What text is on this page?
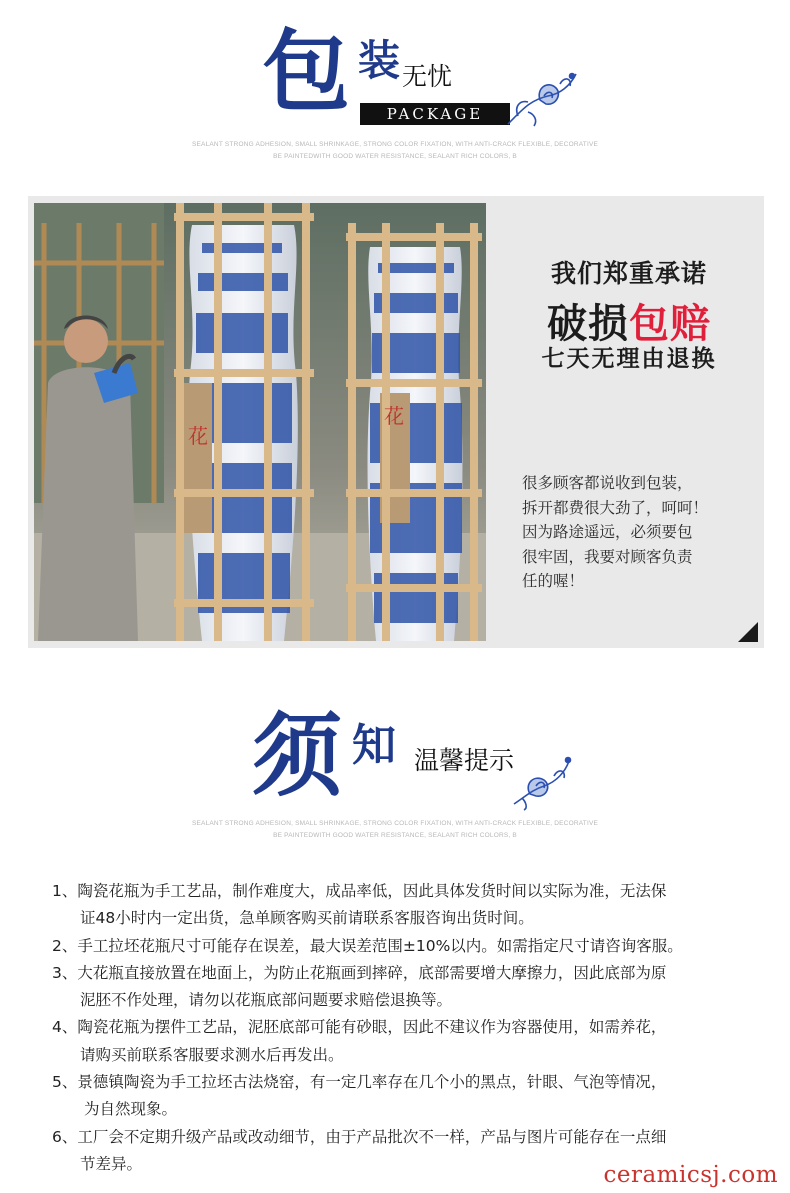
包 装 无忧
PACKAGE
SEALANT STRONG ADHESION, SMALL SHRINKAGE, STRONG COLOR FIXATION, WITH ANTI-CRACK FLEXIBLE, DECORATIVE
BE PAINTEDWITH GOOD WATER RESISTANCE, SEALANT RICH COLORS, B
花
花
我们郑重承诺
破损包赔
七天无理由退换
很多顾客都说收到包装，
拆开都费很大劲了，呵呵！
因为路途遥远，必须要包
很牢固，我要对顾客负责
任的喔！
须 知 温馨提示
SEALANT STRONG ADHESION, SMALL SHRINKAGE, STRONG COLOR FIXATION, WITH ANTI-CRACK FLEXIBLE, DECORATIVE
BE PAINTEDWITH GOOD WATER RESISTANCE, SEALANT RICH COLORS, B
1、陶瓷花瓶为手工艺品，制作难度大，成品率低，因此具体发货时间以实际为准，无法保
证48小时内一定出货，急单顾客购买前请联系客服咨询出货时间。
2、手工拉坯花瓶尺寸可能存在误差，最大误差范围±10%以内。如需指定尺寸请咨询客服。
3、大花瓶直接放置在地面上，为防止花瓶画到摔碎，底部需要增大摩擦力，因此底部为原
泥胚不作处理，请勿以花瓶底部问题要求赔偿退换等。
4、陶瓷花瓶为摆件工艺品，泥胚底部可能有砂眼，因此不建议作为容器使用，如需养花，
请购买前联系客服要求测水后再发出。
5、景德镇陶瓷为手工拉坯古法烧窑，有一定几率存在几个小的黑点，针眼、气泡等情况，
为自然现象。
6、工厂会不定期升级产品或改动细节，由于产品批次不一样，产品与图片可能存在一点细
节差异。	ceramicsj.com
